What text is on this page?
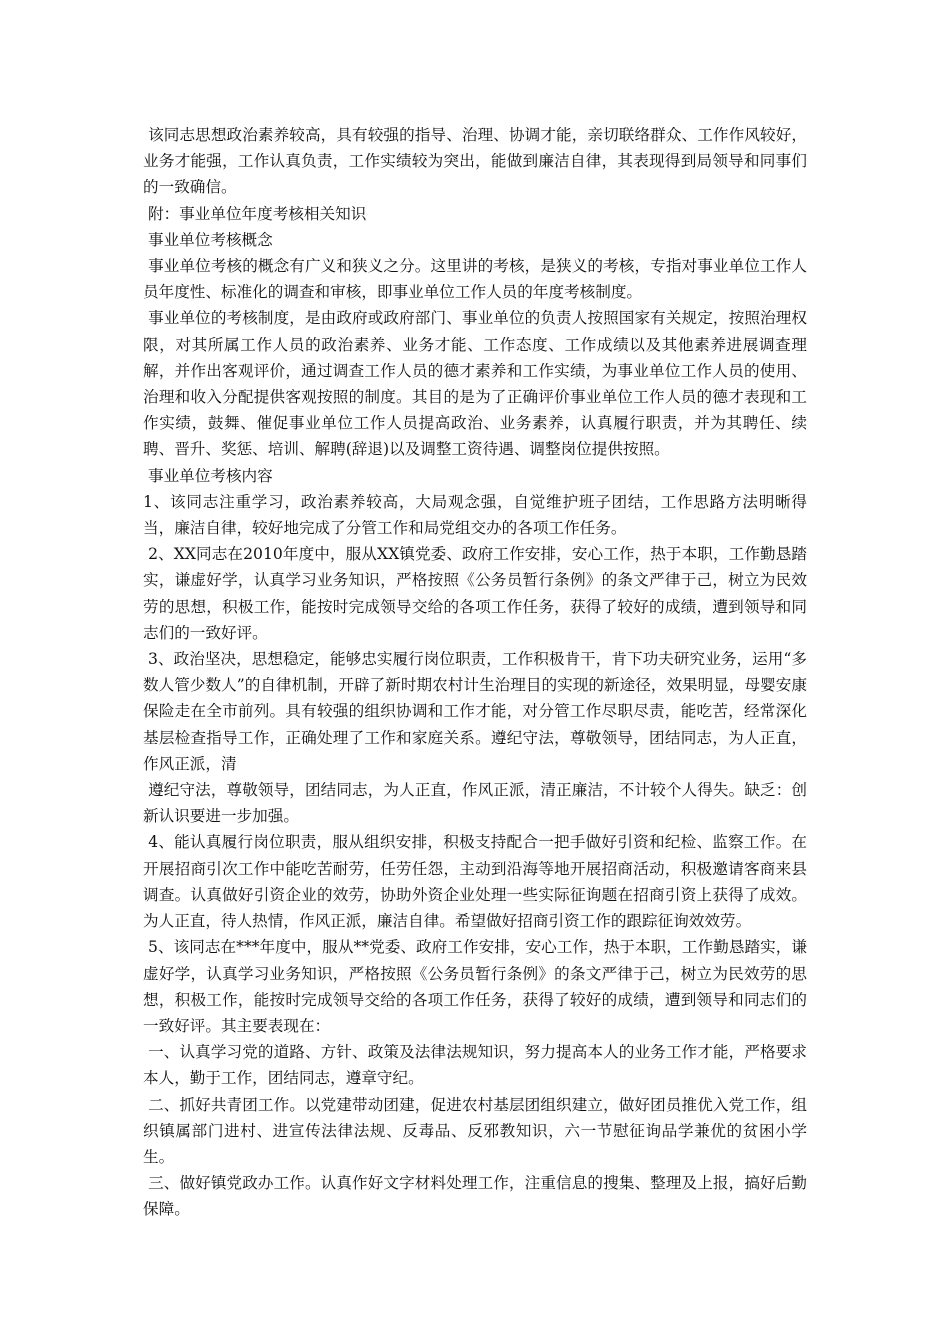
该同志思想政治素养较高，具有较强的指导、治理、协调才能，亲切联络群众、工作作风较好，业务才能强，工作认真负责，工作实绩较为突出，能做到廉洁自律，其表现得到局领导和同事们的一致确信。

附：事业单位年度考核相关知识

事业单位考核概念

事业单位考核的概念有广义和狭义之分。这里讲的考核，是狭义的考核，专指对事业单位工作人员年度性、标准化的调查和审核，即事业单位工作人员的年度考核制度。

事业单位的考核制度，是由政府或政府部门、事业单位的负责人按照国家有关规定，按照治理权限，对其所属工作人员的政治素养、业务才能、工作态度、工作成绩以及其他素养进展调查理解，并作出客观评价，通过调查工作人员的德才素养和工作实绩，为事业单位工作人员的使用、治理和收入分配提供客观按照的制度。其目的是为了正确评价事业单位工作人员的德才表现和工作实绩，鼓舞、催促事业单位工作人员提高政治、业务素养，认真履行职责，并为其聘任、续聘、晋升、奖惩、培训、解聘(辞退)以及调整工资待遇、调整岗位提供按照。

事业单位考核内容

1、该同志注重学习，政治素养较高，大局观念强，自觉维护班子团结，工作思路方法明晰得当，廉洁自律，较好地完成了分管工作和局党组交办的各项工作任务。

2、XX同志在2010年度中，服从XX镇党委、政府工作安排，安心工作，热于本职，工作勤恳踏实，谦虚好学，认真学习业务知识，严格按照《公务员暂行条例》的条文严律于己，树立为民效劳的思想，积极工作，能按时完成领导交给的各项工作任务，获得了较好的成绩，遭到领导和同志们的一致好评。

3、政治坚决，思想稳定，能够忠实履行岗位职责，工作积极肯干，肯下功夫研究业务，运用“多数人管少数人”的自律机制，开辟了新时期农村计生治理目的实现的新途径，效果明显，母婴安康保险走在全市前列。具有较强的组织协调和工作才能，对分管工作尽职尽责，能吃苦，经常深化基层检查指导工作，正确处理了工作和家庭关系。遵纪守法，尊敬领导，团结同志，为人正直，作风正派，清

遵纪守法，尊敬领导，团结同志，为人正直，作风正派，清正廉洁，不计较个人得失。缺乏：创新认识要进一步加强。

4、能认真履行岗位职责，服从组织安排，积极支持配合一把手做好引资和纪检、监察工作。在开展招商引次工作中能吃苦耐劳，任劳任怨，主动到沿海等地开展招商活动，积极邀请客商来县调查。认真做好引资企业的效劳，协助外资企业处理一些实际征询题在招商引资上获得了成效。为人正直，待人热情，作风正派，廉洁自律。希望做好招商引资工作的跟踪征询效效劳。

5、该同志在***年度中，服从**党委、政府工作安排，安心工作，热于本职，工作勤恳踏实，谦虚好学，认真学习业务知识，严格按照《公务员暂行条例》的条文严律于己，树立为民效劳的思想，积极工作，能按时完成领导交给的各项工作任务，获得了较好的成绩，遭到领导和同志们的一致好评。其主要表现在：

一、认真学习党的道路、方针、政策及法律法规知识，努力提高本人的业务工作才能，严格要求本人，勤于工作，团结同志，遵章守纪。

二、抓好共青团工作。以党建带动团建，促进农村基层团组织建立，做好团员推优入党工作，组织镇属部门进村、进宣传法律法规、反毒品、反邪教知识，六一节慰征询品学兼优的贫困小学生。

三、做好镇党政办工作。认真作好文字材料处理工作，注重信息的搜集、整理及上报，搞好后勤保障。
